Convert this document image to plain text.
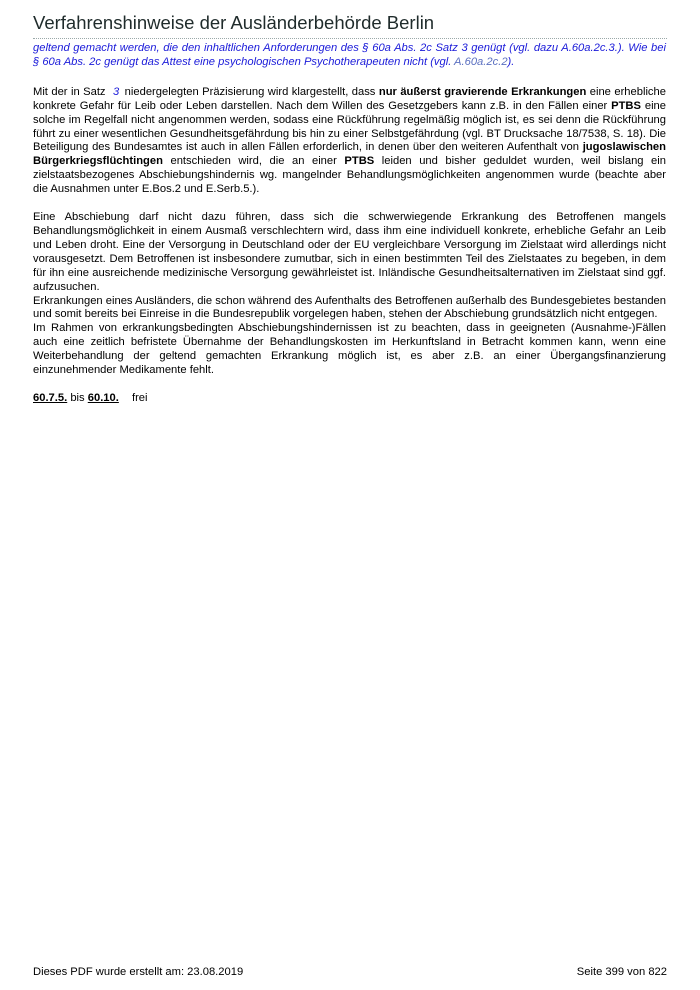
Verfahrenshinweise der Ausländerbehörde Berlin

geltend gemacht werden, die den inhaltlichen Anforderungen des § 60a Abs. 2c Satz 3 genügt (vgl. dazu A.60a.2c.3.). Wie bei § 60a Abs. 2c genügt das Attest eine psychologischen Psychotherapeuten nicht (vgl. A.60a.2c.2).

Mit der in Satz 3 niedergelegten Präzisierung wird klargestellt, dass nur äußerst gravierende Erkrankungen eine erhebliche konkrete Gefahr für Leib oder Leben darstellen. Nach dem Willen des Gesetzgebers kann z.B. in den Fällen einer PTBS eine solche im Regelfall nicht angenommen werden, sodass eine Rückführung regelmäßig möglich ist, es sei denn die Rückführung führt zu einer wesentlichen Gesundheitsgefährdung bis hin zu einer Selbstgefährdung (vgl. BT Drucksache 18/7538, S. 18). Die Beteiligung des Bundesamtes ist auch in allen Fällen erforderlich, in denen über den weiteren Aufenthalt von jugoslawischen Bürgerkriegsflüchtingen entschieden wird, die an einer PTBS leiden und bisher geduldet wurden, weil bislang ein zielstaatsbezogenes Abschiebungshindernis wg. mangelnder Behandlungsmöglichkeiten angenommen wurde (beachte aber die Ausnahmen unter E.Bos.2 und E.Serb.5.).

Eine Abschiebung darf nicht dazu führen, dass sich die schwerwiegende Erkrankung des Betroffenen mangels Behandlungsmöglichkeit in einem Ausmaß verschlechtern wird, dass ihm eine individuell konkrete, erhebliche Gefahr an Leib und Leben droht. Eine der Versorgung in Deutschland oder der EU vergleichbare Versorgung im Zielstaat wird allerdings nicht vorausgesetzt. Dem Betroffenen ist insbesondere zumutbar, sich in einen bestimmten Teil des Zielstaates zu begeben, in dem für ihn eine ausreichende medizinische Versorgung gewährleistet ist. Inländische Gesundheitsalternativen im Zielstaat sind ggf. aufzusuchen.

Erkrankungen eines Ausländers, die schon während des Aufenthalts des Betroffenen außerhalb des Bundesgebietes bestanden und somit bereits bei Einreise in die Bundesrepublik vorgelegen haben, stehen der Abschiebung grundsätzlich nicht entgegen.

Im Rahmen von erkrankungsbedingten Abschiebungshindernissen ist zu beachten, dass in geeigneten (Ausnahme-)Fällen auch eine zeitlich befristete Übernahme der Behandlungskosten im Herkunftsland in Betracht kommen kann, wenn eine Weiterbehandlung der geltend gemachten Erkrankung möglich ist, es aber z.B. an einer Übergangsfinanzierung einzunehmender Medikamente fehlt.

60.7.5. bis 60.10. frei
Dieses PDF wurde erstellt am: 23.08.2019	Seite 399 von 822
